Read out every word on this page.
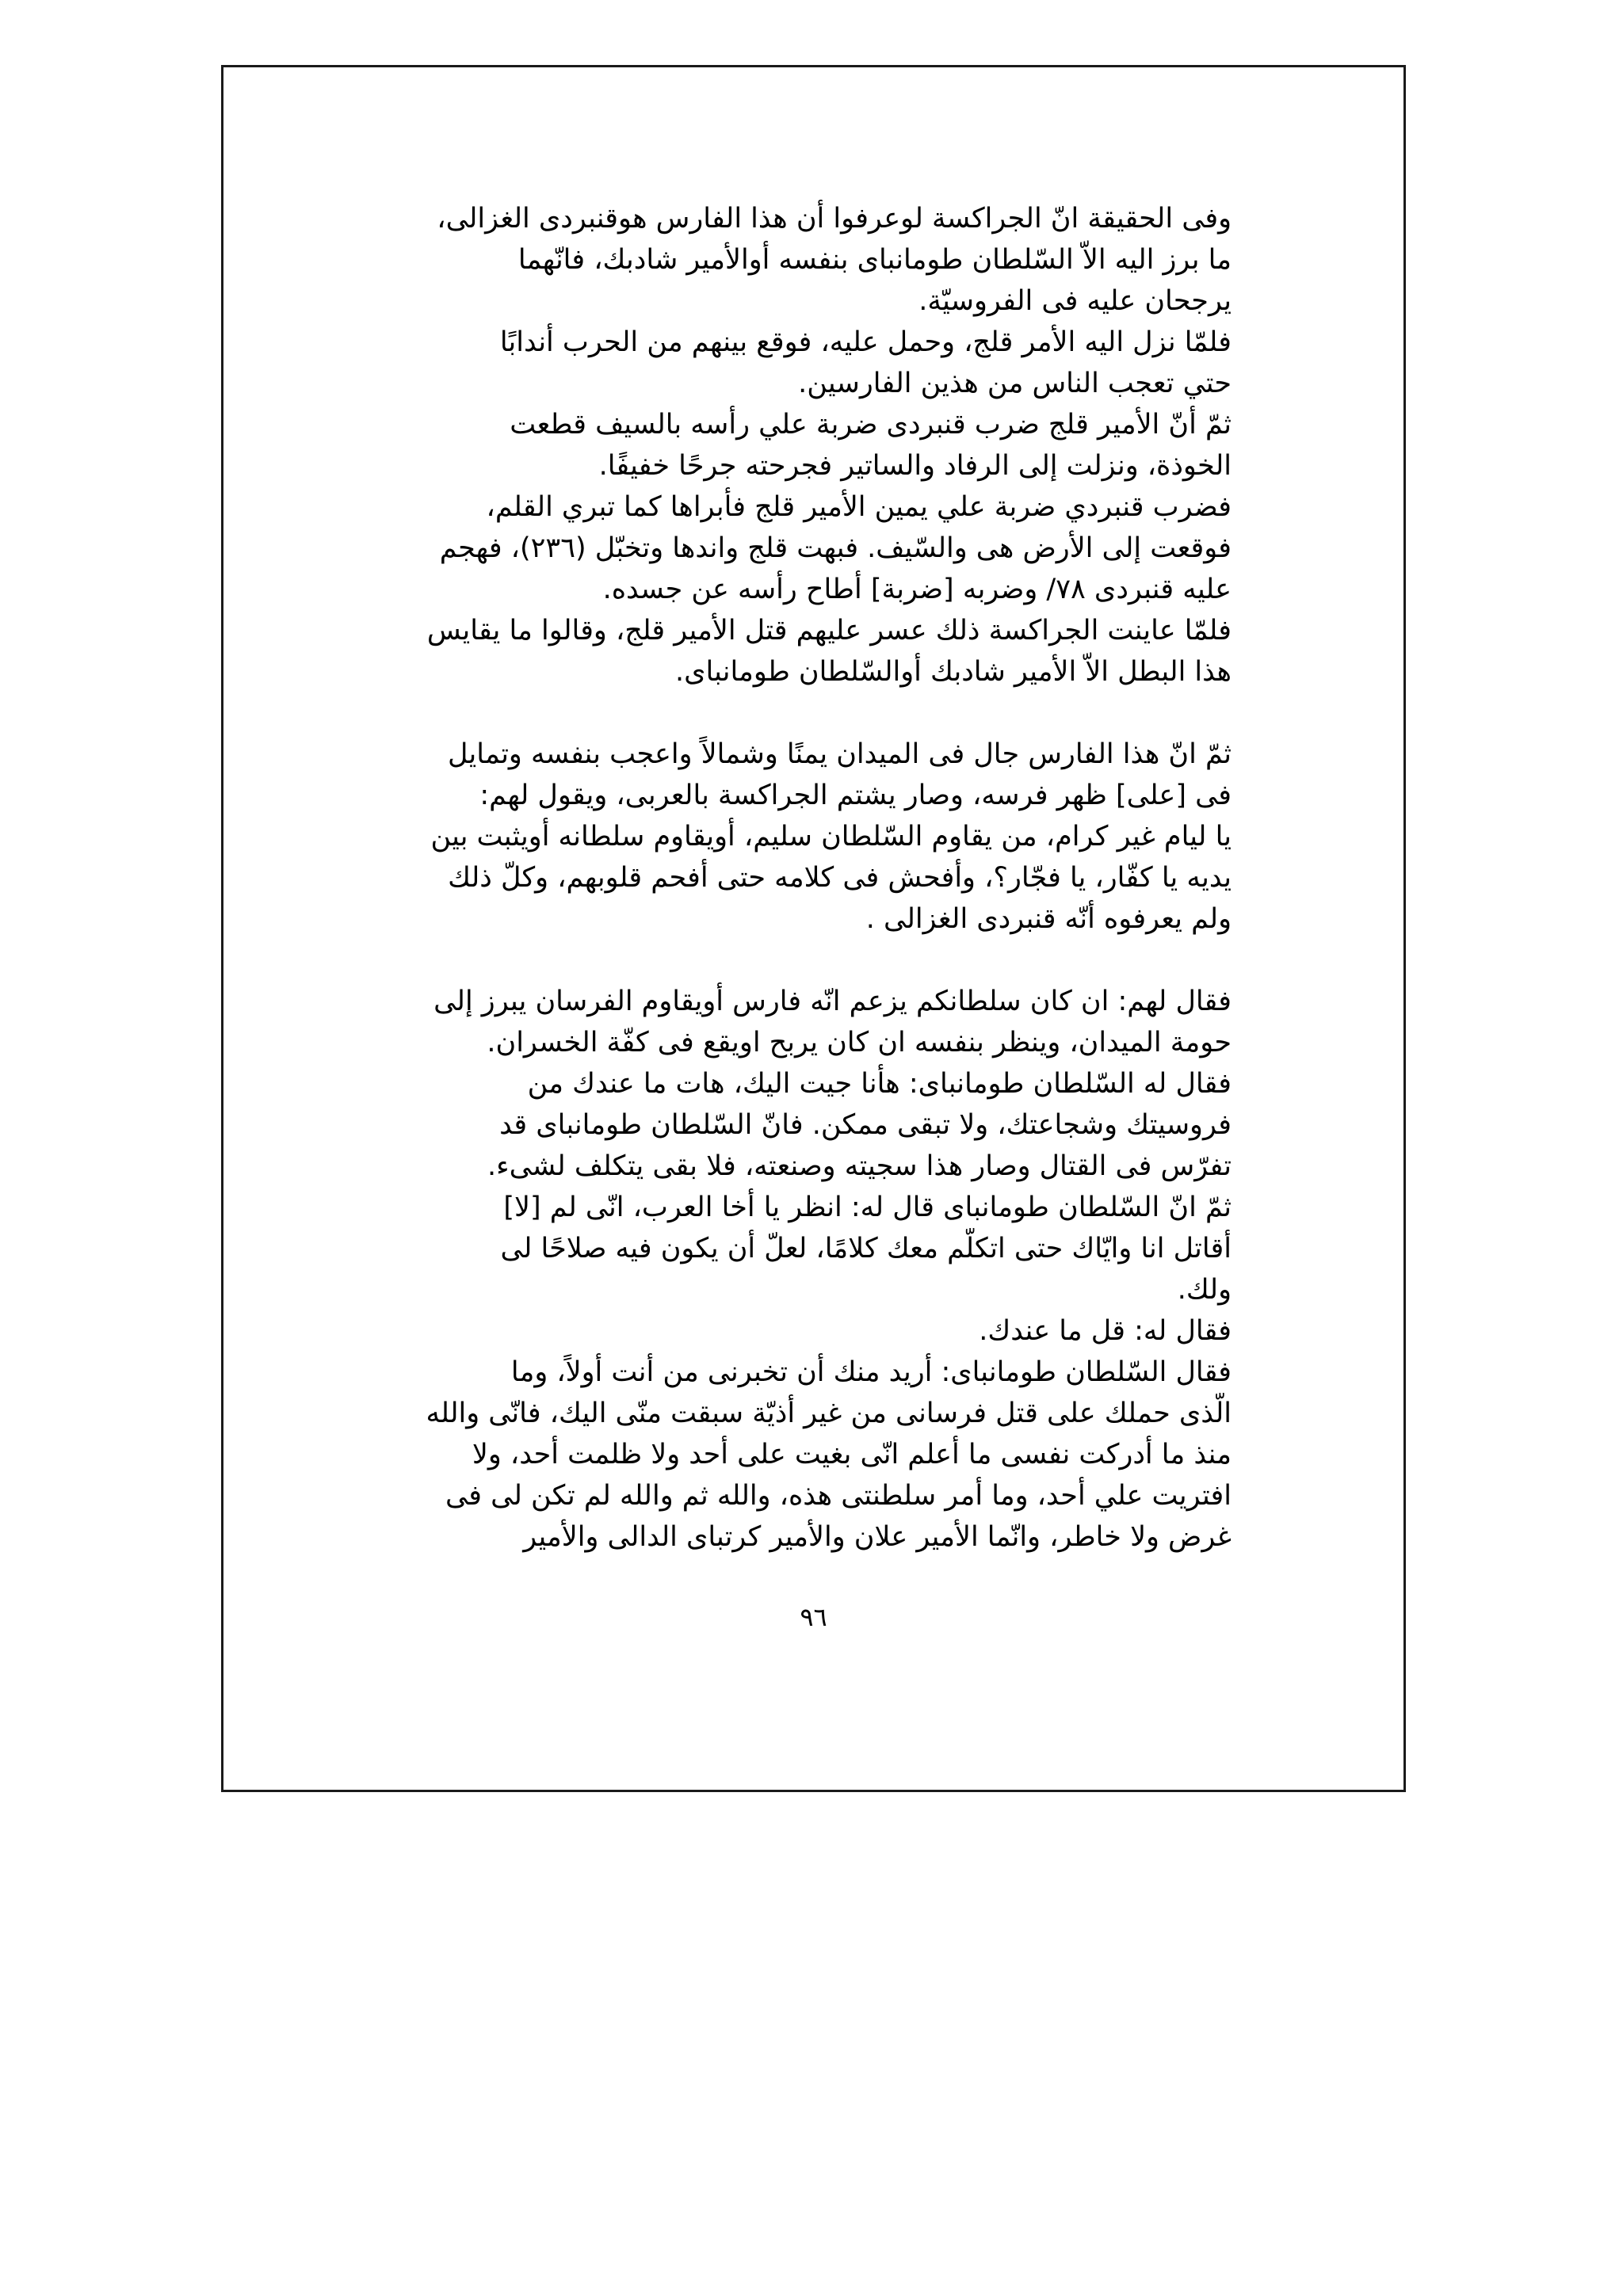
وفى الحقيقة انّ الجراكسة لوعرفوا أن هذا الفارس هوقنبردى الغزالى،
ما برز اليه الاّ السّلطان طومانباى بنفسه أوالأمير شادبك، فانّهما
يرجحان عليه فى الفروسيّة.
فلمّا نزل اليه الأمر قلج، وحمل عليه، فوقع بينهم من الحرب أندابًا
حتي تعجب الناس من هذين الفارسين.
ثمّ أنّ الأمير قلج ضرب قنبردى ضربة علي رأسه بالسيف قطعت
الخوذة، ونزلت إلى الرفاد والساتير فجرحته جرحًا خفيفًا.
فضرب قنبردي ضربة علي يمين الأمير قلج فأبراها كما تبري القلم،
فوقعت إلى الأرض هى والسّيف. فبهت قلج واندها وتخبّل (٢٣٦)، فهجم
عليه قنبردى ٧٨/ وضربه [ضربة] أطاح رأسه عن جسده.
فلمّا عاينت الجراكسة ذلك عسر عليهم قتل الأمير قلج، وقالوا ما يقايس
هذا البطل الاّ الأمير شادبك أوالسّلطان طومانباى.
ثمّ انّ هذا الفارس جال فى الميدان يمنًا وشمالاً واعجب بنفسه وتمايل
فى [على] ظهر فرسه، وصار يشتم الجراكسة بالعربى، ويقول لهم:
يا ليام غير كرام، من يقاوم السّلطان سليم، أويقاوم سلطانه أويثبت بين
يديه يا كفّار، يا فجّار؟، وأفحش فى كلامه حتى أفحم قلوبهم، وكلّ ذلك
ولم يعرفوه أنّه قنبردى الغزالى .
فقال لهم: ان كان سلطانكم يزعم انّه فارس أويقاوم الفرسان يبرز إلى
حومة الميدان، وينظر بنفسه ان كان يربح اويقع فى كفّة الخسران.
فقال له السّلطان طومانباى: هأنا جيت اليك، هات ما عندك من
فروسيتك وشجاعتك، ولا تبقى ممكن. فانّ السّلطان طومانباى قد
تفرّس فى القتال وصار هذا سجيته وصنعته، فلا بقى يتكلف لشىء.
ثمّ انّ السّلطان طومانباى قال له: انظر يا أخا العرب، انّى لم [لا]
أقاتل انا وايّاك حتى اتكلّم معك كلامًا، لعلّ أن يكون فيه صلاحًا لى
ولك.
فقال له: قل ما عندك.
فقال السّلطان طومانباى: أريد منك أن تخبرنى من أنت أولاً، وما
الّذى حملك على قتل فرسانى من غير أذيّة سبقت منّى اليك، فانّى والله
منذ ما أدركت نفسى ما أعلم انّى بغيت على أحد ولا ظلمت أحد، ولا
افتريت علي أحد، وما أمر سلطنتى هذه، والله ثم والله لم تكن لى فى
غرض ولا خاطر، وانّما الأمير علان والأمير كرتباى الدالى والأمير
٩٦
